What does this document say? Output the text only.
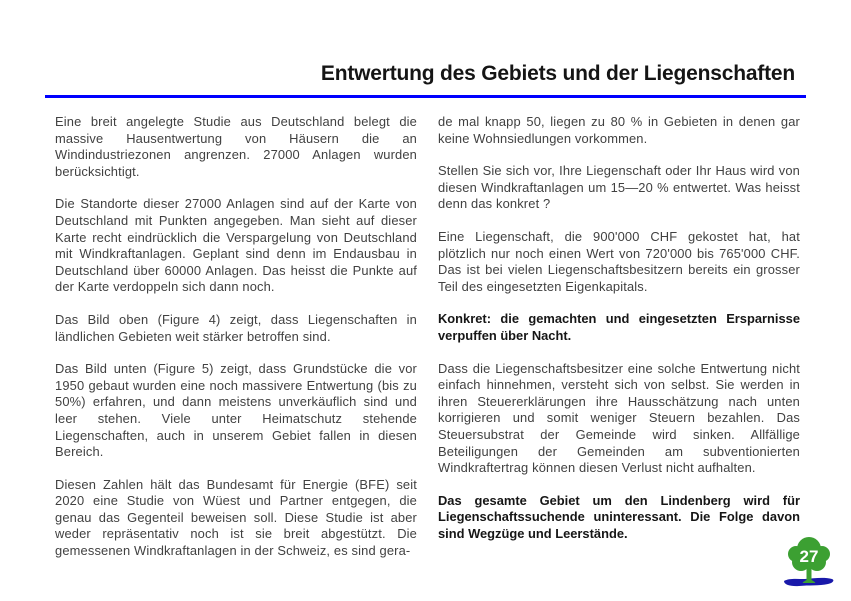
Entwertung des Gebiets und der Liegenschaften

Eine breit angelegte Studie aus Deutschland belegt die massive Hausentwertung von Häusern die an Windindustriezonen angrenzen. 27000 Anlagen wurden berücksichtigt.

Die Standorte dieser 27000 Anlagen sind auf der Karte von Deutschland mit Punkten angegeben. Man sieht auf dieser Karte recht eindrücklich die Verspargelung von Deutschland mit Windkraftanlagen. Geplant sind denn im Endausbau in Deutschland über 60000 Anlagen. Das heisst die Punkte auf der Karte verdoppeln sich dann noch.

Das Bild oben (Figure 4) zeigt, dass Liegenschaften in ländlichen Gebieten weit stärker betroffen sind.

Das Bild unten (Figure 5) zeigt, dass Grundstücke die vor 1950 gebaut wurden eine noch massivere Entwertung (bis zu 50%) erfahren, und dann meistens unverkäuflich sind und leer stehen. Viele unter Heimatschutz stehende Liegenschaften, auch in unserem Gebiet fallen in diesen Bereich.

Diesen Zahlen hält das Bundesamt für Energie (BFE) seit 2020 eine Studie von Wüest und Partner entgegen, die genau das Gegenteil beweisen soll. Diese Studie ist aber weder repräsentativ noch ist sie breit abgestützt. Die gemessenen Windkraftanlagen in der Schweiz, es sind gera-

de mal knapp 50, liegen zu 80 % in Gebieten in denen gar keine Wohnsiedlungen vorkommen.

Stellen Sie sich vor, Ihre Liegenschaft oder Ihr Haus wird von diesen Windkraftanlagen um 15—20 % entwertet. Was heisst denn das konkret ?

Eine Liegenschaft, die 900'000 CHF gekostet hat, hat plötzlich nur noch einen Wert von 720'000 bis 765'000 CHF. Das ist bei vielen Liegenschaftsbesitzern bereits ein grosser Teil des eingesetzten Eigenkapitals.

Konkret: die gemachten und eingesetzten Ersparnisse verpuffen über Nacht.

Dass die Liegenschaftsbesitzer eine solche Entwertung nicht einfach hinnehmen, versteht sich von selbst. Sie werden in ihren Steuererklärungen ihre Hausschätzung nach unten korrigieren und somit weniger Steuern bezahlen. Das Steuersubstrat der Gemeinde wird sinken. Allfällige Beteiligungen der Gemeinden am subventionierten Windkraftertrag können diesen Verlust nicht aufhalten.

Das gesamte Gebiet um den Lindenberg wird für Liegenschaftssuchende uninteressant. Die Folge davon sind Wegzüge und Leerstände.

27
